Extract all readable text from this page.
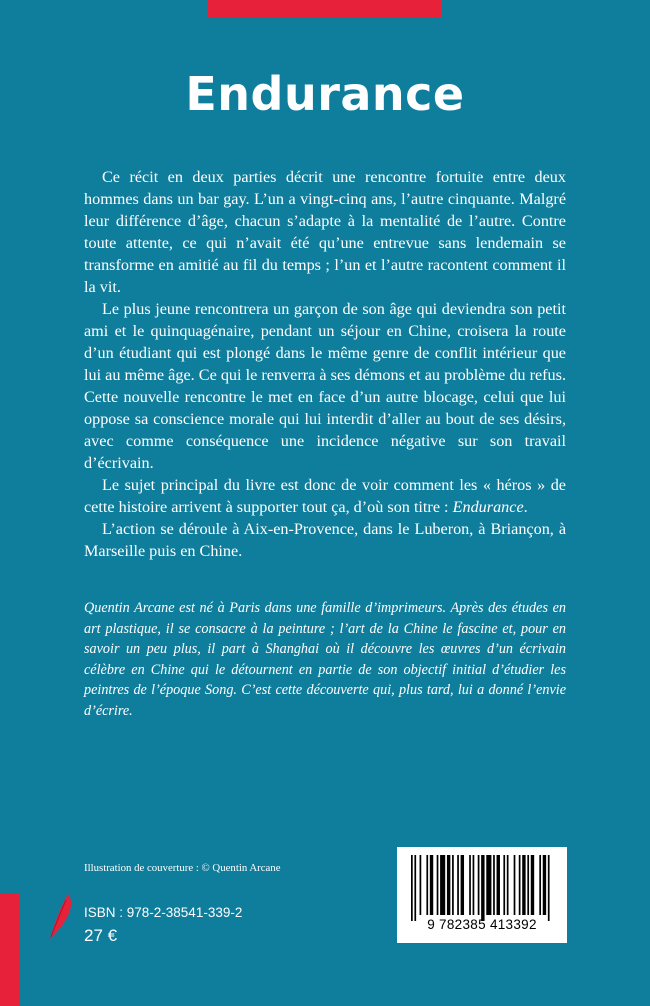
Endurance

Ce récit en deux parties décrit une rencontre fortuite entre deux hommes dans un bar gay. L’un a vingt-cinq ans, l’autre cinquante. Malgré leur différence d’âge, chacun s’adapte à la mentalité de l’autre. Contre toute attente, ce qui n’avait été qu’une entrevue sans lendemain se transforme en amitié au fil du temps ; l’un et l’autre racontent comment il la vit.

Le plus jeune rencontrera un garçon de son âge qui deviendra son petit ami et le quinquagénaire, pendant un séjour en Chine, croisera la route d’un étudiant qui est plongé dans le même genre de conflit intérieur que lui au même âge. Ce qui le renverra à ses démons et au problème du refus. Cette nouvelle rencontre le met en face d’un autre blocage, celui que lui oppose sa conscience morale qui lui interdit d’aller au bout de ses désirs, avec comme conséquence une incidence négative sur son travail d’écrivain.

Le sujet principal du livre est donc de voir comment les « héros » de cette histoire arrivent à supporter tout ça, d’où son titre : Endurance.

L’action se déroule à Aix-en-Provence, dans le Luberon, à Briançon, à Marseille puis en Chine.

Quentin Arcane est né à Paris dans une famille d’imprimeurs. Après des études en art plastique, il se consacre à la peinture ; l’art de la Chine le fascine et, pour en savoir un peu plus, il part à Shanghai où il découvre les œuvres d’un écrivain célèbre en Chine qui le détournent en partie de son objectif initial d’étudier les peintres de l’époque Song. C’est cette découverte qui, plus tard, lui a donné l’envie d’écrire.

Illustration de couverture : © Quentin Arcane

ISBN : 978-2-38541-339-2

27 €

9 782385 413392
